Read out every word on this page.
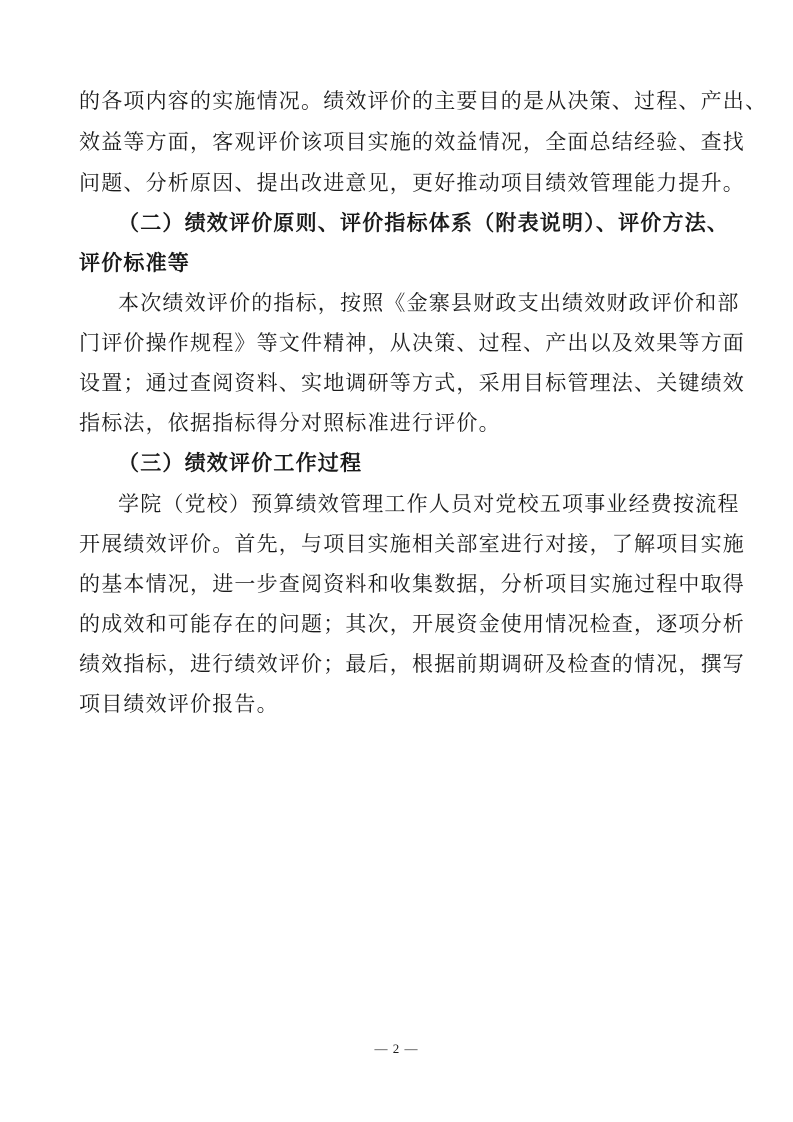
的各项内容的实施情况。绩效评价的主要目的是从决策、过程、产出、
效益等方面，客观评价该项目实施的效益情况，全面总结经验、查找
问题、分析原因、提出改进意见，更好推动项目绩效管理能力提升。
（二）绩效评价原则、评价指标体系（附表说明）、评价方法、
评价标准等
本次绩效评价的指标，按照《金寨县财政支出绩效财政评价和部
门评价操作规程》等文件精神，从决策、过程、产出以及效果等方面
设置；通过查阅资料、实地调研等方式，采用目标管理法、关键绩效
指标法，依据指标得分对照标准进行评价。
（三）绩效评价工作过程
学院（党校）预算绩效管理工作人员对党校五项事业经费按流程
开展绩效评价。首先，与项目实施相关部室进行对接，了解项目实施
的基本情况，进一步查阅资料和收集数据，分析项目实施过程中取得
的成效和可能存在的问题；其次，开展资金使用情况检查，逐项分析
绩效指标，进行绩效评价；最后，根据前期调研及检查的情况，撰写
项目绩效评价报告。
— 2 —
